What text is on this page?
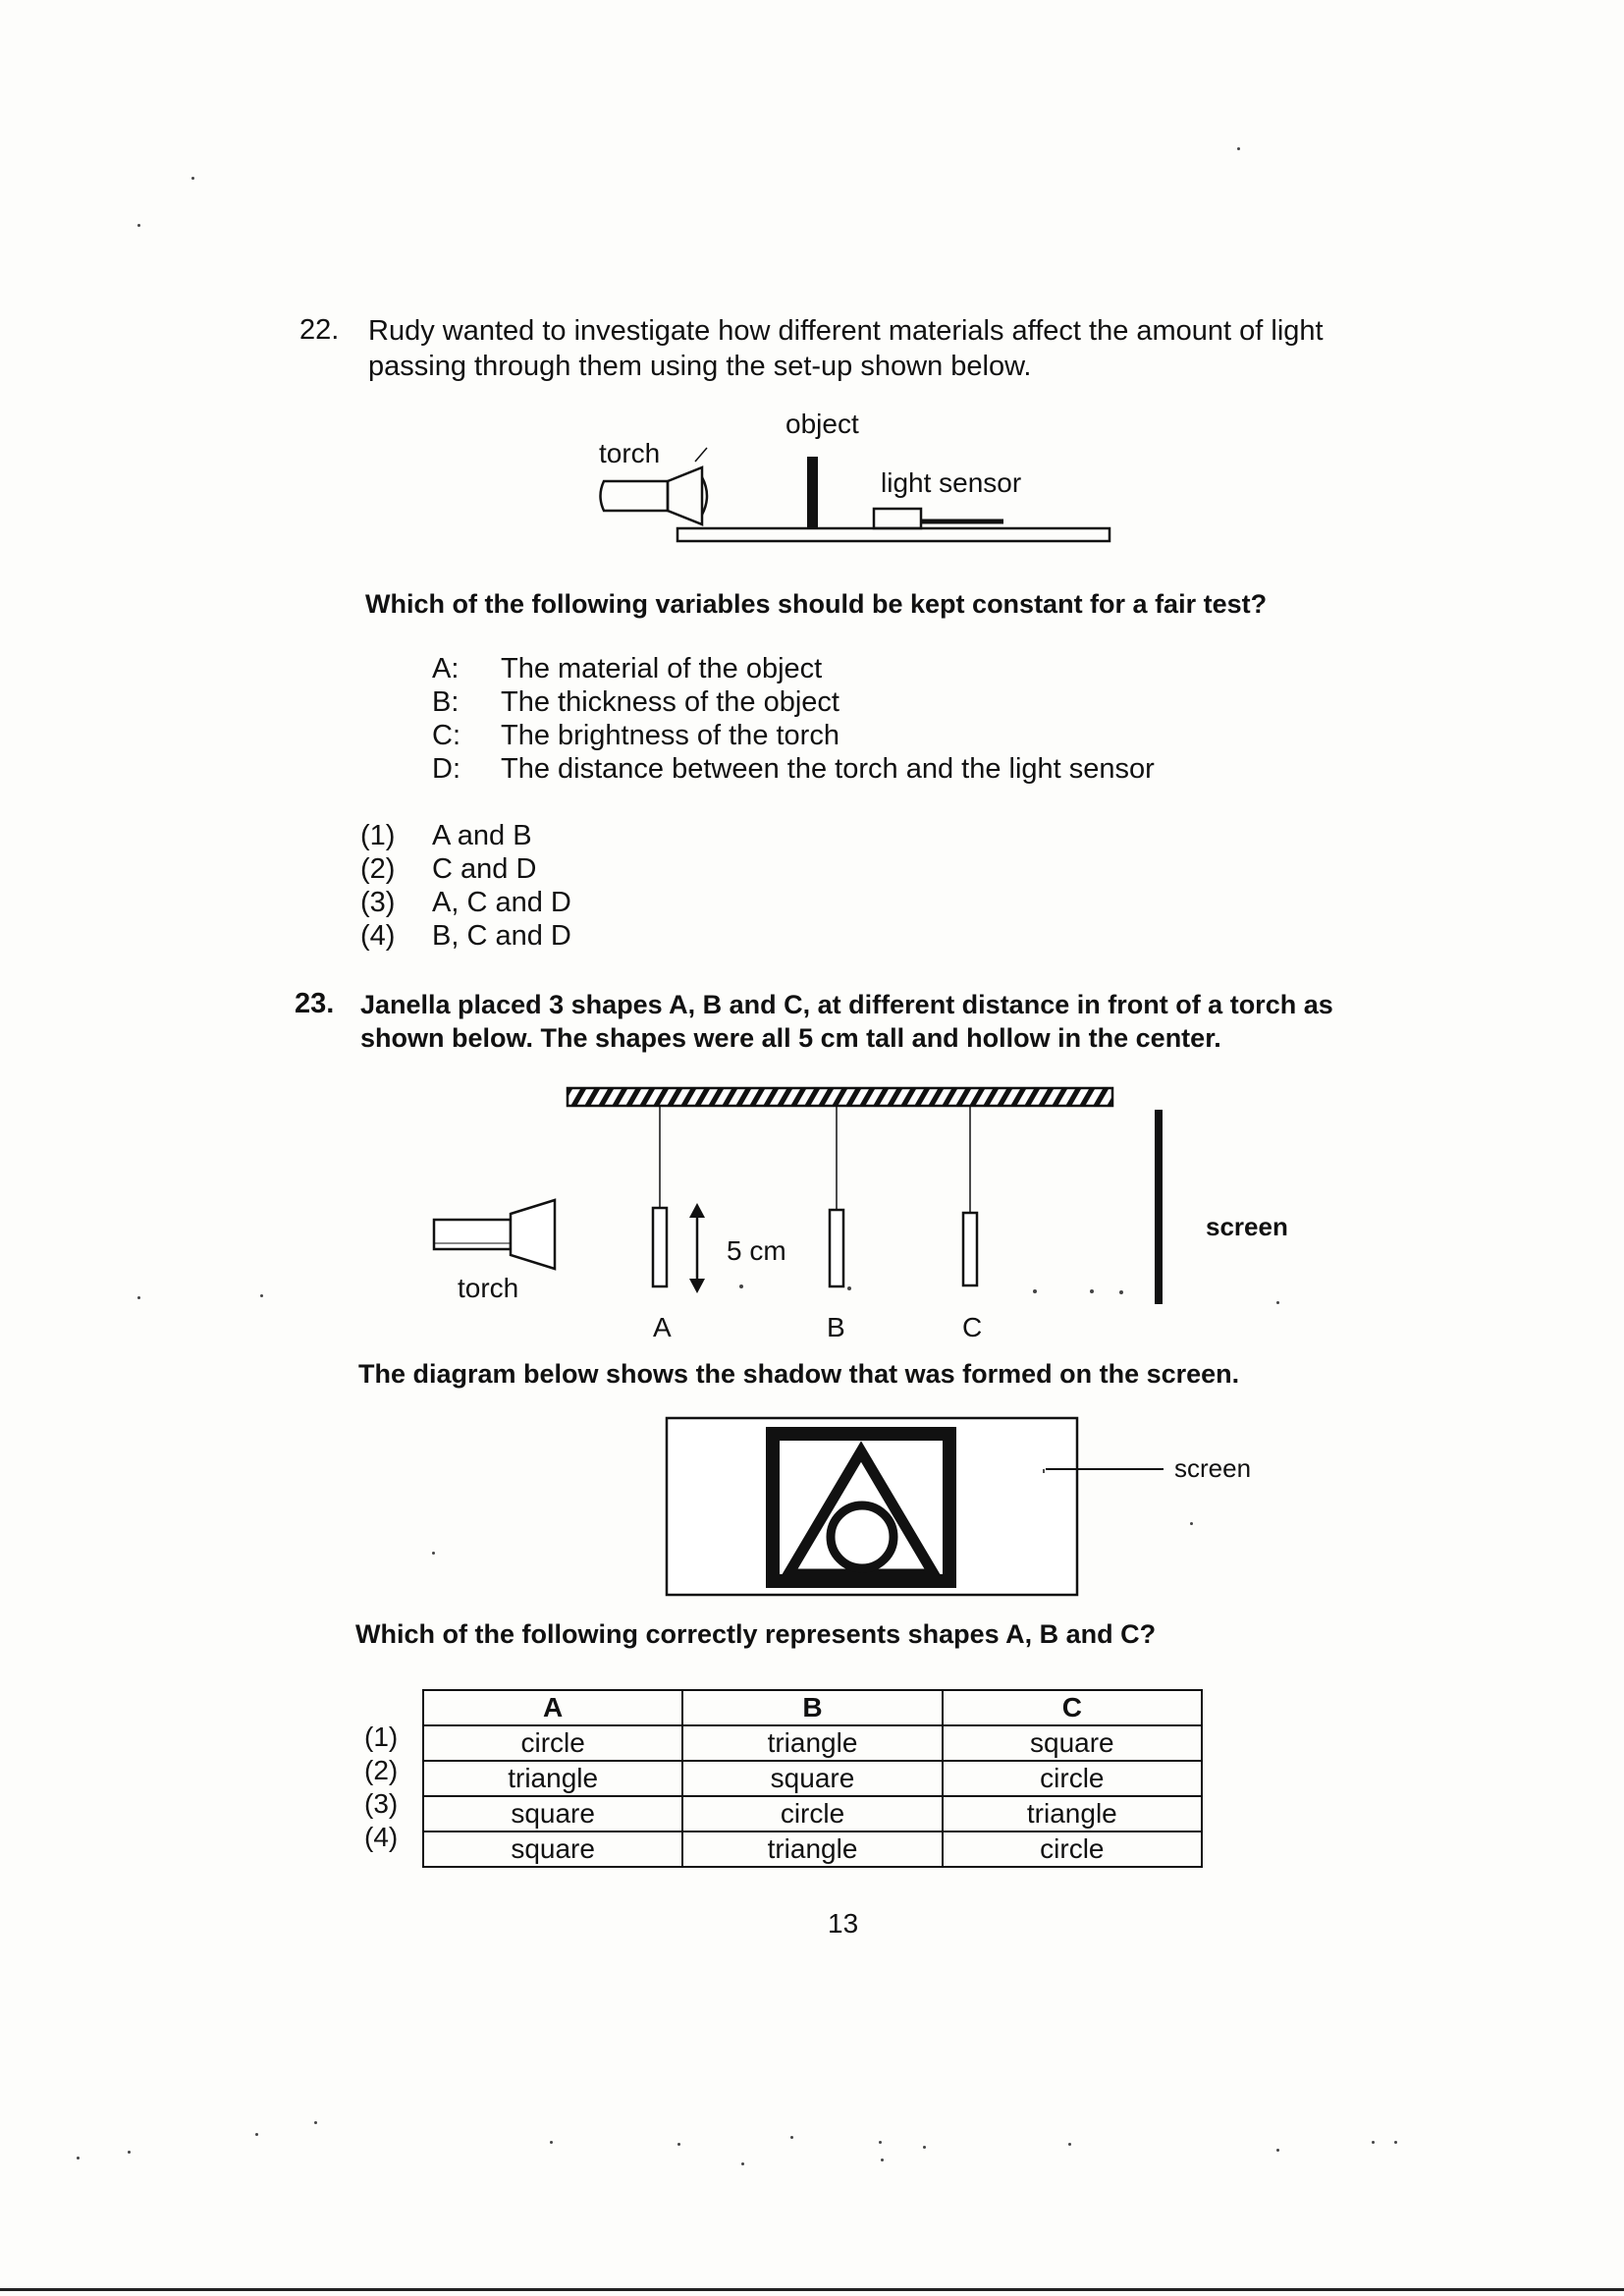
22. Rudy wanted to investigate how different materials affect the amount of light
passing through them using the set-up shown below.
object
torch
light sensor
Which of the following variables should be kept constant for a fair test?
A: The material of the object
B: The thickness of the object
C: The brightness of the torch
D: The distance between the torch and the light sensor
(1) A and B
(2) C and D
(3) A, C and D
(4) B, C and D
23. Janella placed 3 shapes A, B and C, at different distance in front of a torch as
shown below. The shapes were all 5 cm tall and hollow in the center.
5 cm
torch
screen
A	B	C
The diagram below shows the shadow that was formed on the screen.
screen
Which of the following correctly represents shapes A, B and C?
(1)
(2)
(3)
(4)
A	B	C
circle	triangle	square
triangle	square	circle
square	circle	triangle
square	triangle	circle
13
